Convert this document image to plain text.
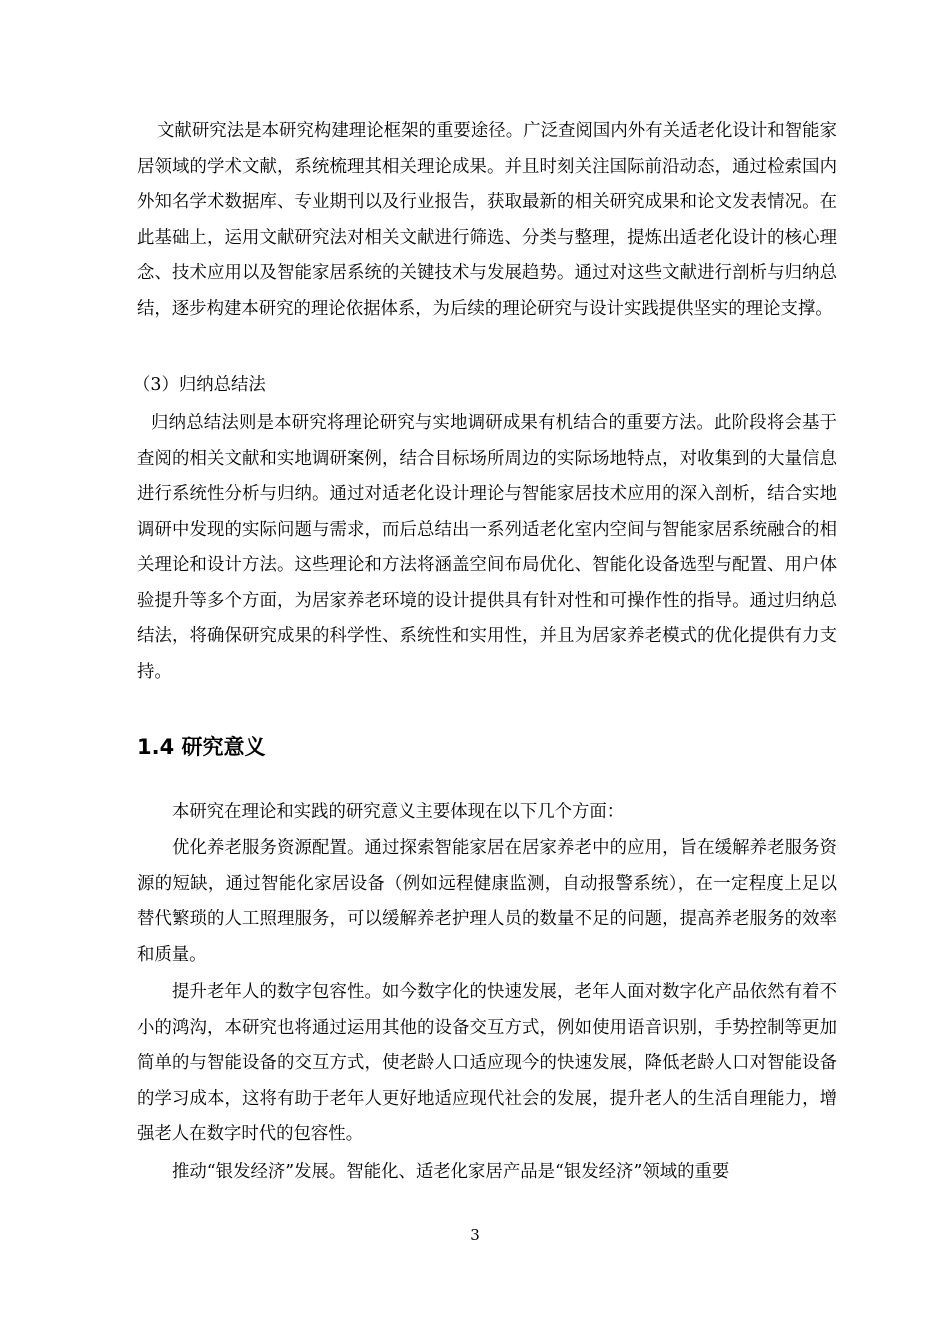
文献研究法是本研究构建理论框架的重要途径。广泛查阅国内外有关适老化设计和智能家居领域的学术文献，系统梳理其相关理论成果。并且时刻关注国际前沿动态，通过检索国内外知名学术数据库、专业期刊以及行业报告，获取最新的相关研究成果和论文发表情况。在此基础上，运用文献研究法对相关文献进行筛选、分类与整理，提炼出适老化设计的核心理念、技术应用以及智能家居系统的关键技术与发展趋势。通过对这些文献进行剖析与归纳总结，逐步构建本研究的理论依据体系，为后续的理论研究与设计实践提供坚实的理论支撑。

（3）归纳总结法

归纳总结法则是本研究将理论研究与实地调研成果有机结合的重要方法。此阶段将会基于查阅的相关文献和实地调研案例，结合目标场所周边的实际场地特点，对收集到的大量信息进行系统性分析与归纳。通过对适老化设计理论与智能家居技术应用的深入剖析，结合实地调研中发现的实际问题与需求，而后总结出一系列适老化室内空间与智能家居系统融合的相关理论和设计方法。这些理论和方法将涵盖空间布局优化、智能化设备选型与配置、用户体验提升等多个方面，为居家养老环境的设计提供具有针对性和可操作性的指导。通过归纳总结法，将确保研究成果的科学性、系统性和实用性，并且为居家养老模式的优化提供有力支持。

1.4 研究意义

本研究在理论和实践的研究意义主要体现在以下几个方面：

优化养老服务资源配置。通过探索智能家居在居家养老中的应用，旨在缓解养老服务资源的短缺，通过智能化家居设备（例如远程健康监测，自动报警系统），在一定程度上足以替代繁琐的人工照理服务，可以缓解养老护理人员的数量不足的问题，提高养老服务的效率和质量。

提升老年人的数字包容性。如今数字化的快速发展，老年人面对数字化产品依然有着不小的鸿沟，本研究也将通过运用其他的设备交互方式，例如使用语音识别，手势控制等更加简单的与智能设备的交互方式，使老龄人口适应现今的快速发展，降低老龄人口对智能设备的学习成本，这将有助于老年人更好地适应现代社会的发展，提升老人的生活自理能力，增强老人在数字时代的包容性。

推动“银发经济”发展。智能化、适老化家居产品是“银发经济”领域的重要

3
